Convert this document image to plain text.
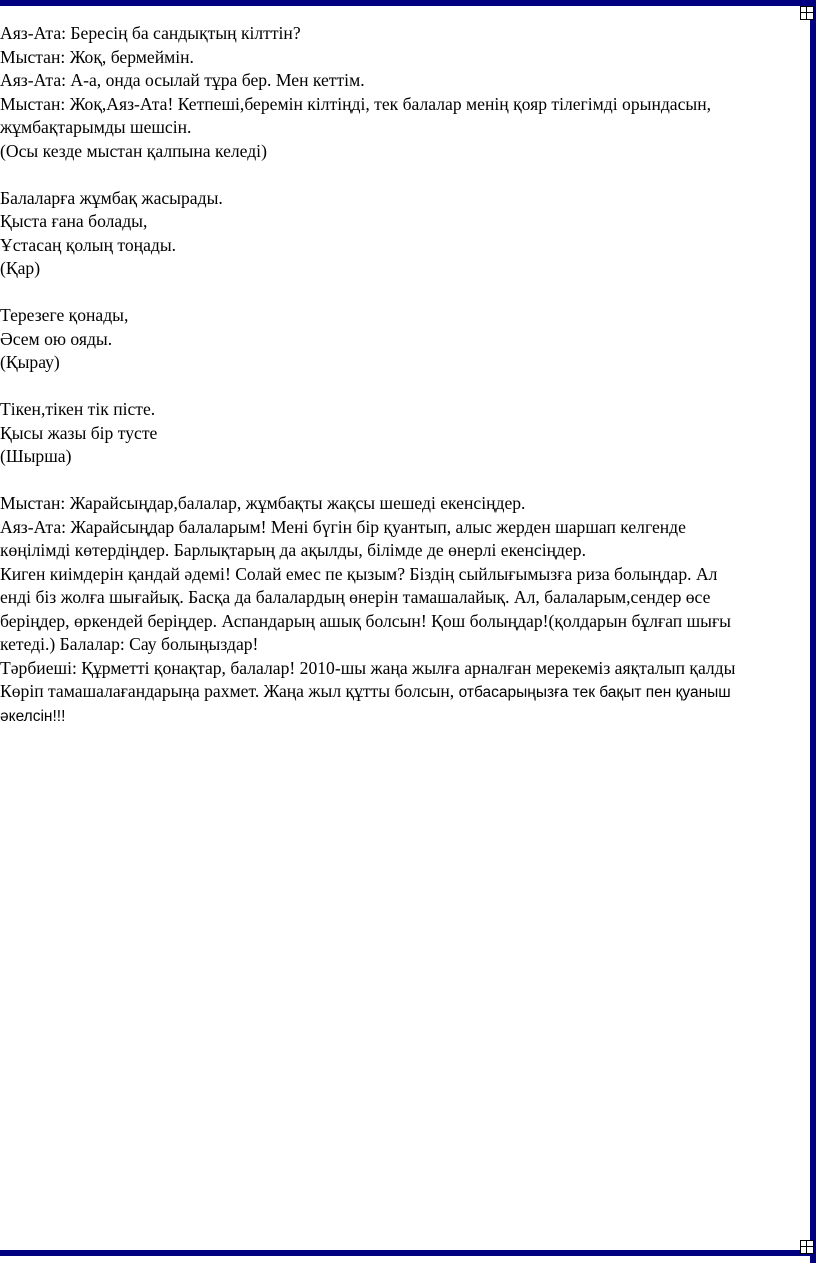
Аяз-Ата: Бересің ба сандықтың кілттін?
Мыстан: Жоқ, бермеймін.
Аяз-Ата: А-а, онда осылай тұра бер. Мен кеттім.
Мыстан: Жоқ,Аяз-Ата! Кетпеші,беремін кілтіңді, тек балалар менің қояр тілегімді орындасын,
жұмбақтарымды шешсін.
(Осы кезде мыстан қалпына келеді)
Балаларға жұмбақ жасырады.
Қыста ғана болады,
Ұстасаң қолың тоңады.
(Қар)
Терезеге қонады,
Әсем ою ояды.
(Қырау)
Тікен,тікен тік пісте.
Қысы жазы бір тусте
(Шырша)
Мыстан: Жарайсыңдар,балалар, жұмбақты жақсы шешеді екенсіңдер.
Аяз-Ата: Жарайсыңдар балаларым! Мені бүгін бір қуантып, алыс жерден шаршап келгенде
көңілімді көтердіңдер. Барлықтарың да ақылды, білімде де өнерлі екенсіңдер.
Киген киімдерін қандай әдемі! Солай емес пе қызым? Біздің сыйлығымызға риза болыңдар. Ал
енді біз жолға шығайық. Басқа да балалардың өнерін тамашалайық. Ал, балаларым,сендер өсе
беріңдер, өркендей беріңдер. Аспандарың ашық болсын! Қош болыңдар!(қолдарын бұлғап шығы
кетеді.) Балалар: Сау болыңыздар!
Тәрбиеші: Құрметті қонақтар, балалар! 2010-шы жаңа жылға арналған мерекеміз аяқталып қалды
Көріп тамашалағандарыңа рахмет. Жаңа жыл құтты болсын, отбасарыңызға тек бақыт пен қуаныш
әкелсін!!!
